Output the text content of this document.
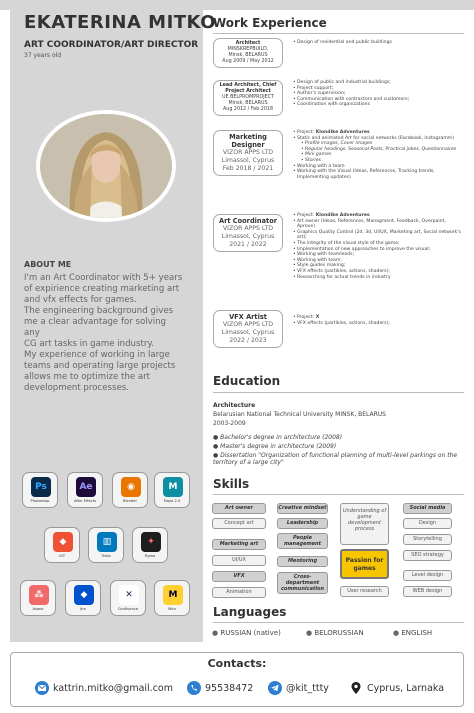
EKATERINA MITKO
ART COORDINATOR/ART DIRECTOR
37 years old
ABOUT ME
I'm an Art Coordinator with 5+ years
of expirience creating marketing art
and vfx effects for games.
The engineering background gives
me a clear advantage for solving any
CG art tasks in game industry.
My experience of working in large
teams and operating large projects
allows me to optimize the art
development processes.
Ps
Photoshop
Ae
After Effects
◉
Blender
M
Maya 2.0
◆
GIT
▥
Trello
✦
Figma
⁂
Asana
◆
Jira
✕
Confluence
M
Miro
Work Experience
Architect
MINSKREPBUILD,
Minsk, BELARUS
Aug 2009 / May 2012
• Design of residential and public buildings
Lead Architect, Chief Project Architect
UE BELPROMPROJECT
Minsk, BELARUS
Aug 2012 / Feb 2018
• Design of public and industrial buildings;
• Project support;
• Author's supervision;
• Communication with contractors and customers;
• Coordination with organizations
Marketing Designer
VIZOR APPS LTD
Limassol, Cyprus
Feb 2018 / 2021
• Project: Klondike Adventures
• Static and animated Art for social networks (Facebook, Instagramm)
• Profile images, Cover images
• Regular headings, Seasonal Posts, Practical jokes, Questionnaires
• Mini games
• Stories
• Working with a team
• Working with the Visual (Ideas, References, Tracking trends, Implementing updates)
Art Coordinator
VIZOR APPS LTD
Limassol, Cyprus
2021 / 2022
• Project: Klondike Adventures
• Art owner (Ideas, References, Managment, Feedback, Overpaint, Aprove)
• Graphics Quality Control (2d, 3d, UI/UX, Marketing art, Social network's art);
• The integrity of the visual style of the game;
• Implementation of new approaches to improve the visual;
• Working with teamleads;
• Working with team;
• Style guides making;
• VFX effects (partikles, actions, shaders);
• Researching for actual trends in industry
VFX Artist
VIZOR APPS LTD
Limassol, Cyprus
2022 / 2023
• Project: X
• VFX effects (partikles, actions, shaders);
Education
Architecture
Belarusian National Technical University MINSK, BELARUS
2003-2009
● Bachelor's degree in architecture (2008)
● Master's degree in architecture (2009)
● Dissertation "Organization of functional planning of multi-level parkings on the territory of a large city"
Skills
Art owner
Concept art
Marketing art
UI/UX
VFX
Animation
Creative mindset
Leadership
People management
Mentoring
Cross-department communication
Understanding of game development process
Passion for games
User research
Social media
Design
Storytelling
SEO strategy
Level design
WEB design
Languages
● RUSSIAN (native)	● BELORUSSIAN	● ENGLISH
Contacts:
kattrin.mitko@gmail.com	95538472	@kit_ttty	Cyprus, Larnaka
